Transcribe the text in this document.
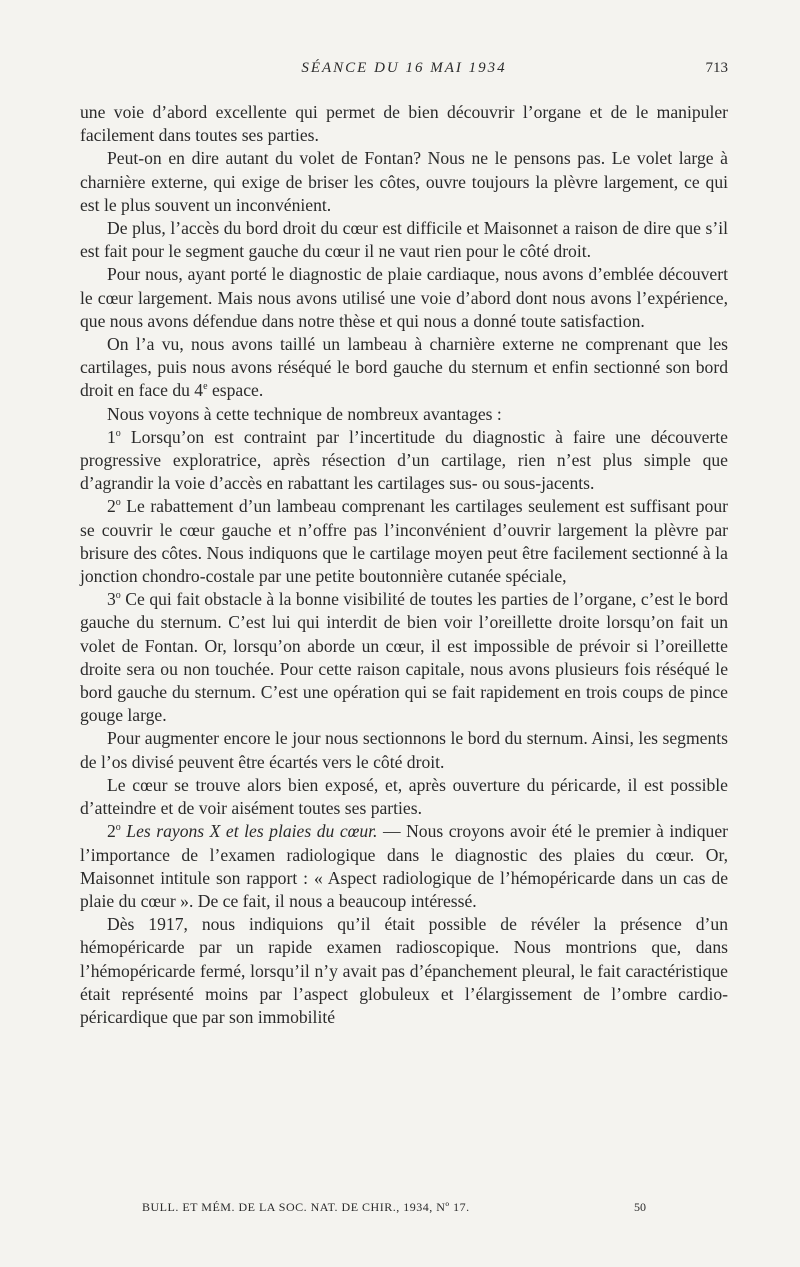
SÉANCE DU 16 MAI 1934	713

une voie d’abord excellente qui permet de bien découvrir l’organe et de le manipuler facilement dans toutes ses parties.

Peut-on en dire autant du volet de Fontan? Nous ne le pensons pas. Le volet large à charnière externe, qui exige de briser les côtes, ouvre toujours la plèvre largement, ce qui est le plus souvent un inconvénient.

De plus, l’accès du bord droit du cœur est difficile et Maisonnet a raison de dire que s’il est fait pour le segment gauche du cœur il ne vaut rien pour le côté droit.

Pour nous, ayant porté le diagnostic de plaie cardiaque, nous avons d’emblée découvert le cœur largement. Mais nous avons utilisé une voie d’abord dont nous avons l’expérience, que nous avons défendue dans notre thèse et qui nous a donné toute satisfaction.

On l’a vu, nous avons taillé un lambeau à charnière externe ne comprenant que les cartilages, puis nous avons réséqué le bord gauche du sternum et enfin sectionné son bord droit en face du 4e espace.

Nous voyons à cette technique de nombreux avantages :

1$^o$ Lorsqu’on est contraint par l’incertitude du diagnostic à faire une découverte progressive exploratrice, après résection d’un cartilage, rien n’est plus simple que d’agrandir la voie d’accès en rabattant les cartilages sus- ou sous-jacents.

2$^o$ Le rabattement d’un lambeau comprenant les cartilages seulement est suffisant pour se couvrir le cœur gauche et n’offre pas l’inconvénient d’ouvrir largement la plèvre par brisure des côtes. Nous indiquons que le cartilage moyen peut être facilement sectionné à la jonction chondro-costale par une petite boutonnière cutanée spéciale,

3$^o$ Ce qui fait obstacle à la bonne visibilité de toutes les parties de l’organe, c’est le bord gauche du sternum. C’est lui qui interdit de bien voir l’oreillette droite lorsqu’on fait un volet de Fontan. Or, lorsqu’on aborde un cœur, il est impossible de prévoir si l’oreillette droite sera ou non touchée. Pour cette raison capitale, nous avons plusieurs fois réséqué le bord gauche du sternum. C’est une opération qui se fait rapidement en trois coups de pince gouge large.

Pour augmenter encore le jour nous sectionnons le bord du sternum. Ainsi, les segments de l’os divisé peuvent être écartés vers le côté droit.

Le cœur se trouve alors bien exposé, et, après ouverture du péricarde, il est possible d’atteindre et de voir aisément toutes ses parties.

2$^o$ Les rayons X et les plaies du cœur. — Nous croyons avoir été le premier à indiquer l’importance de l’examen radiologique dans le diagnostic des plaies du cœur. Or, Maisonnet intitule son rapport : « Aspect radiologique de l’hémopéricarde dans un cas de plaie du cœur ». De ce fait, il nous a beaucoup intéressé.

Dès 1917, nous indiquions qu’il était possible de révéler la présence d’un hémopéricarde par un rapide examen radioscopique. Nous montrions que, dans l’hémopéricarde fermé, lorsqu’il n’y avait pas d’épanchement pleural, le fait caractéristique était représenté moins par l’aspect globuleux et l’élargissement de l’ombre cardio-péricardique que par son immobilité

BULL. ET MÉM. DE LA SOC. NAT. DE CHIR., 1934, Nº 17.	50
